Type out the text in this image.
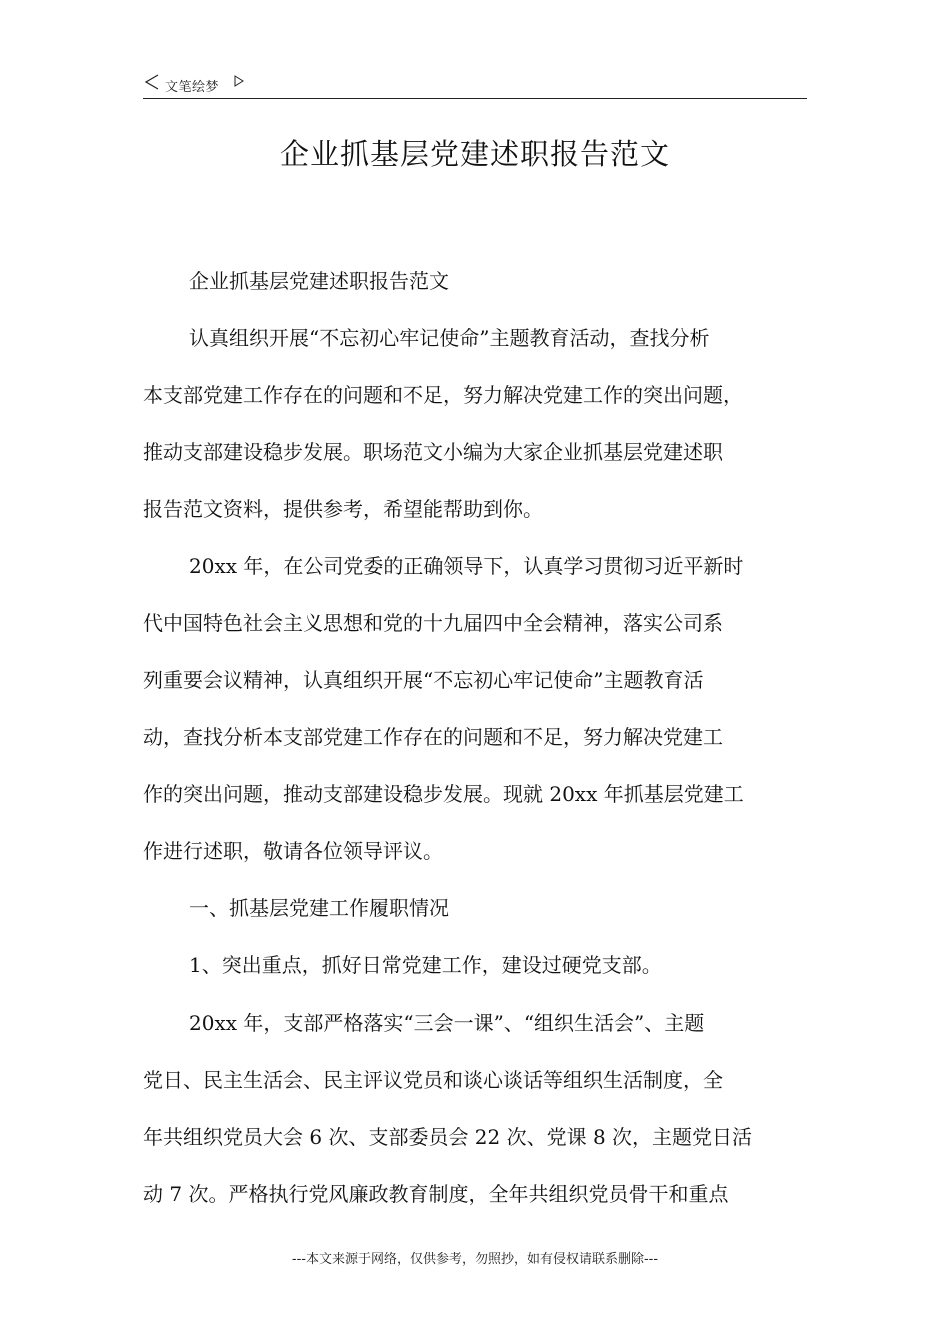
文笔绘梦
企业抓基层党建述职报告范文

企业抓基层党建述职报告范文

认真组织开展“不忘初心牢记使命”主题教育活动，查找分析

本支部党建工作存在的问题和不足，努力解决党建工作的突出问题，

推动支部建设稳步发展。职场范文小编为大家企业抓基层党建述职

报告范文资料，提供参考，希望能帮助到你。

20xx 年，在公司党委的正确领导下，认真学习贯彻习近平新时

代中国特色社会主义思想和党的十九届四中全会精神，落实公司系

列重要会议精神，认真组织开展“不忘初心牢记使命”主题教育活

动，查找分析本支部党建工作存在的问题和不足，努力解决党建工

作的突出问题，推动支部建设稳步发展。现就 20xx 年抓基层党建工

作进行述职，敬请各位领导评议。

一、抓基层党建工作履职情况

1、突出重点，抓好日常党建工作，建设过硬党支部。

20xx 年，支部严格落实“三会一课”、“组织生活会”、主题

党日、民主生活会、民主评议党员和谈心谈话等组织生活制度，全

年共组织党员大会 6 次、支部委员会 22 次、党课 8 次，主题党日活

动 7 次。严格执行党风廉政教育制度，全年共组织党员骨干和重点

---本文来源于网络，仅供参考，勿照抄，如有侵权请联系删除---
